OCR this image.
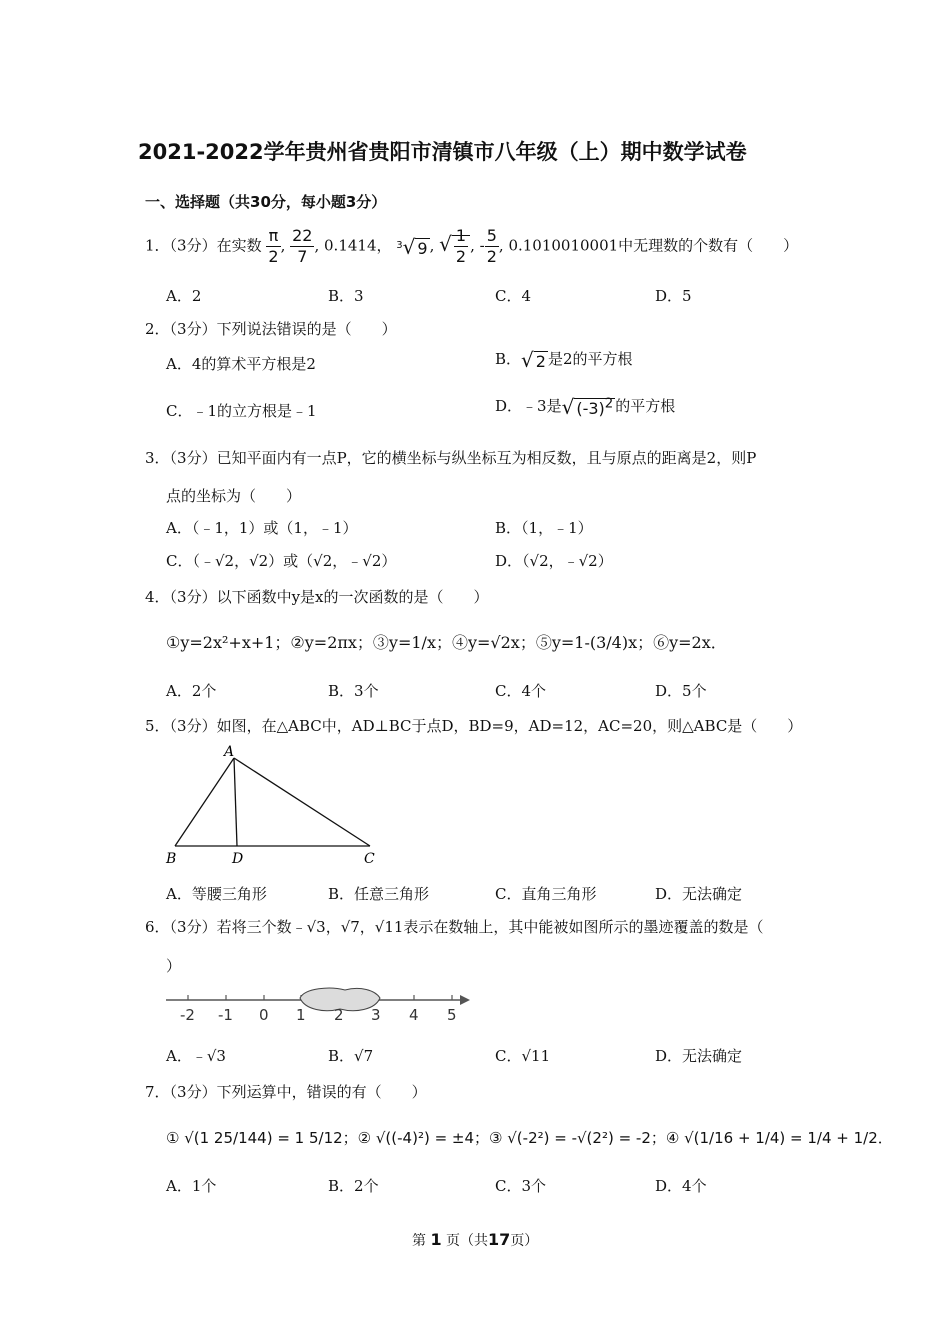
2021-2022学年贵州省贵阳市清镇市八年级（上）期中数学试卷
一、选择题（共30分，每小题3分）
1．（3分）在实数 $\frac{\pi}{2}$ , $\frac{22}{7}$ , 0.1414， $^3$√ 9 , √ $\frac{1}{2}$ , - $\frac{5}{2}$ , 0.1010010001中无理数的个数有（　　）
A．2	B．3	C．4	D．5
2．（3分）下列说法错误的是（　　）
A．4的算术平方根是2	B．√ 2 是2的平方根
C．﹣1的立方根是﹣1	D．﹣3是√ $(-3)^2$ 的平方根
3．（3分）已知平面内有一点P，它的横坐标与纵坐标互为相反数，且与原点的距离是2，则P
点的坐标为（　　）
A．（﹣1，1）或（1，﹣1）	B．（1，﹣1）
C．（﹣√2，√2）或（√2，﹣√2）	D．（√2，﹣√2）
4．（3分）以下函数中y是x的一次函数的是（　　）
①y=2x²+x+1；②y=2πx；③y=1/x；④y=√2x；⑤y=1-(3/4)x；⑥y=2x．
A．2个	B．3个	C．4个	D．5个
5．（3分）如图，在△ABC中，AD⊥BC于点D，BD=9，AD=12，AC=20，则△ABC是（　　）
A
B	D	C
A．等腰三角形	B．任意三角形	C．直角三角形	D．无法确定
6．（3分）若将三个数﹣√3，√7，√11表示在数轴上，其中能被如图所示的墨迹覆盖的数是（
）
-2 -1 0 1 2 3 4 5
A．﹣√3	B．√7	C．√11	D．无法确定
7．（3分）下列运算中，错误的有（　　）
① √(1 25/144) = 1 5/12；② √((-4)²) = ±4；③ √(-2²) = -√(2²) = -2；④ √(1/16 + 1/4) = 1/4 + 1/2．
A．1个	B．2个	C．3个	D．4个
第 1 页（共17页）
